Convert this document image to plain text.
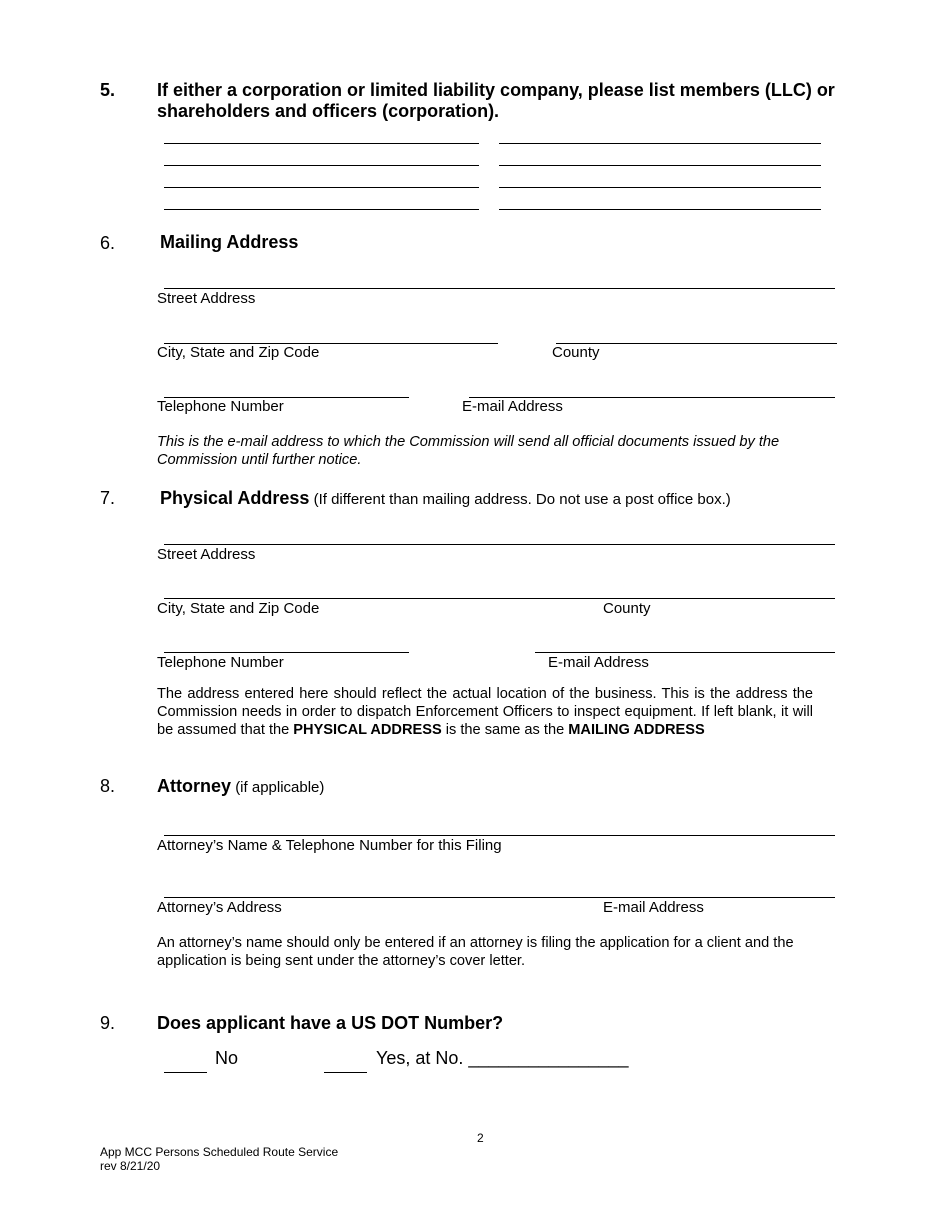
5. If either a corporation or limited liability company, please list members (LLC) or
shareholders and officers (corporation).
6. Mailing Address
Street Address
City, State and Zip Code	County
Telephone Number	E-mail Address
This is the e-mail address to which the Commission will send all official documents issued by the Commission until further notice.
7. Physical Address (If different than mailing address. Do not use a post office box.)
Street Address
City, State and Zip Code	County
Telephone Number	E-mail Address
The address entered here should reflect the actual location of the business. This is the address the Commission needs in order to dispatch Enforcement Officers to inspect equipment. If left blank, it will be assumed that the PHYSICAL ADDRESS is the same as the MAILING ADDRESS
8. Attorney (if applicable)
Attorney’s Name & Telephone Number for this Filing
Attorney’s Address	E-mail Address
An attorney’s name should only be entered if an attorney is filing the application for a client and the application is being sent under the attorney’s cover letter.
9. Does applicant have a US DOT Number?
No	Yes, at No. ________________
2
App MCC Persons Scheduled Route Service
rev 8/21/20
